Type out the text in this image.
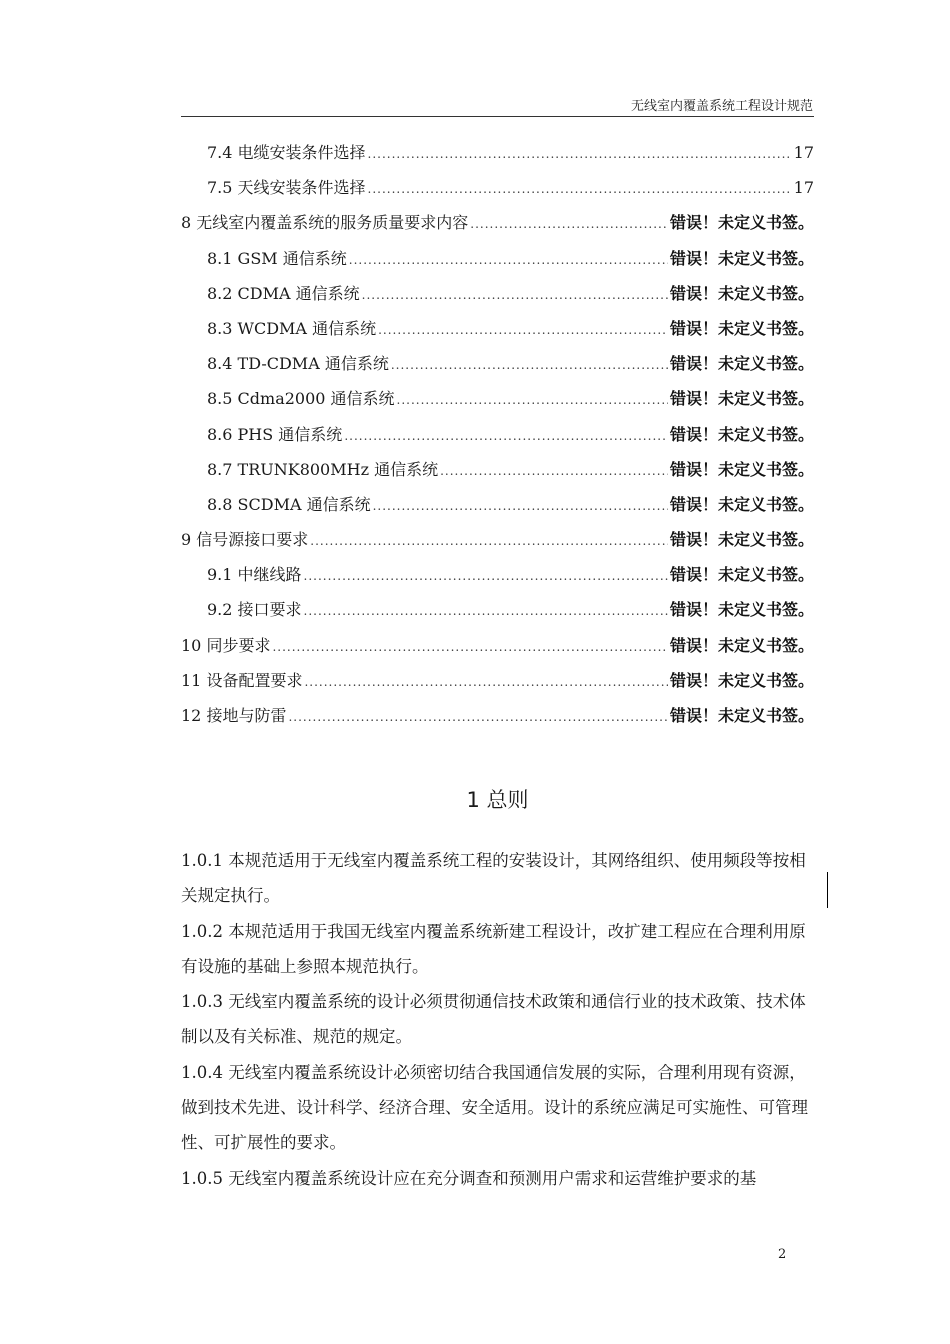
无线室内覆盖系统工程设计规范
7.4 电缆安装条件选择 .....	17
7.5 天线安装条件选择 .....	17
8 无线室内覆盖系统的服务质量要求内容 .....	错误！未定义书签。
8.1 GSM 通信系统 .....	错误！未定义书签。
8.2 CDMA 通信系统 .....	错误！未定义书签。
8.3 WCDMA 通信系统 .....	错误！未定义书签。
8.4 TD-CDMA 通信系统 .....	错误！未定义书签。
8.5 Cdma2000 通信系统 .....	错误！未定义书签。
8.6 PHS 通信系统 .....	错误！未定义书签。
8.7 TRUNK800MHz 通信系统 .....	错误！未定义书签。
8.8 SCDMA 通信系统 .....	错误！未定义书签。
9 信号源接口要求 .....	错误！未定义书签。
9.1 中继线路 .....	错误！未定义书签。
9.2 接口要求 .....	错误！未定义书签。
10 同步要求 .....	错误！未定义书签。
11 设备配置要求 .....	错误！未定义书签。
12 接地与防雷 .....	错误！未定义书签。
1 总则

1.0.1 本规范适用于无线室内覆盖系统工程的安装设计，其网络组织、使用频段等按相关规定执行。

1.0.2 本规范适用于我国无线室内覆盖系统新建工程设计，改扩建工程应在合理利用原有设施的基础上参照本规范执行。

1.0.3 无线室内覆盖系统的设计必须贯彻通信技术政策和通信行业的技术政策、技术体制以及有关标准、规范的规定。

1.0.4 无线室内覆盖系统设计必须密切结合我国通信发展的实际，合理利用现有资源，做到技术先进、设计科学、经济合理、安全适用。设计的系统应满足可实施性、可管理性、可扩展性的要求。

1.0.5 无线室内覆盖系统设计应在充分调查和预测用户需求和运营维护要求的基

2
